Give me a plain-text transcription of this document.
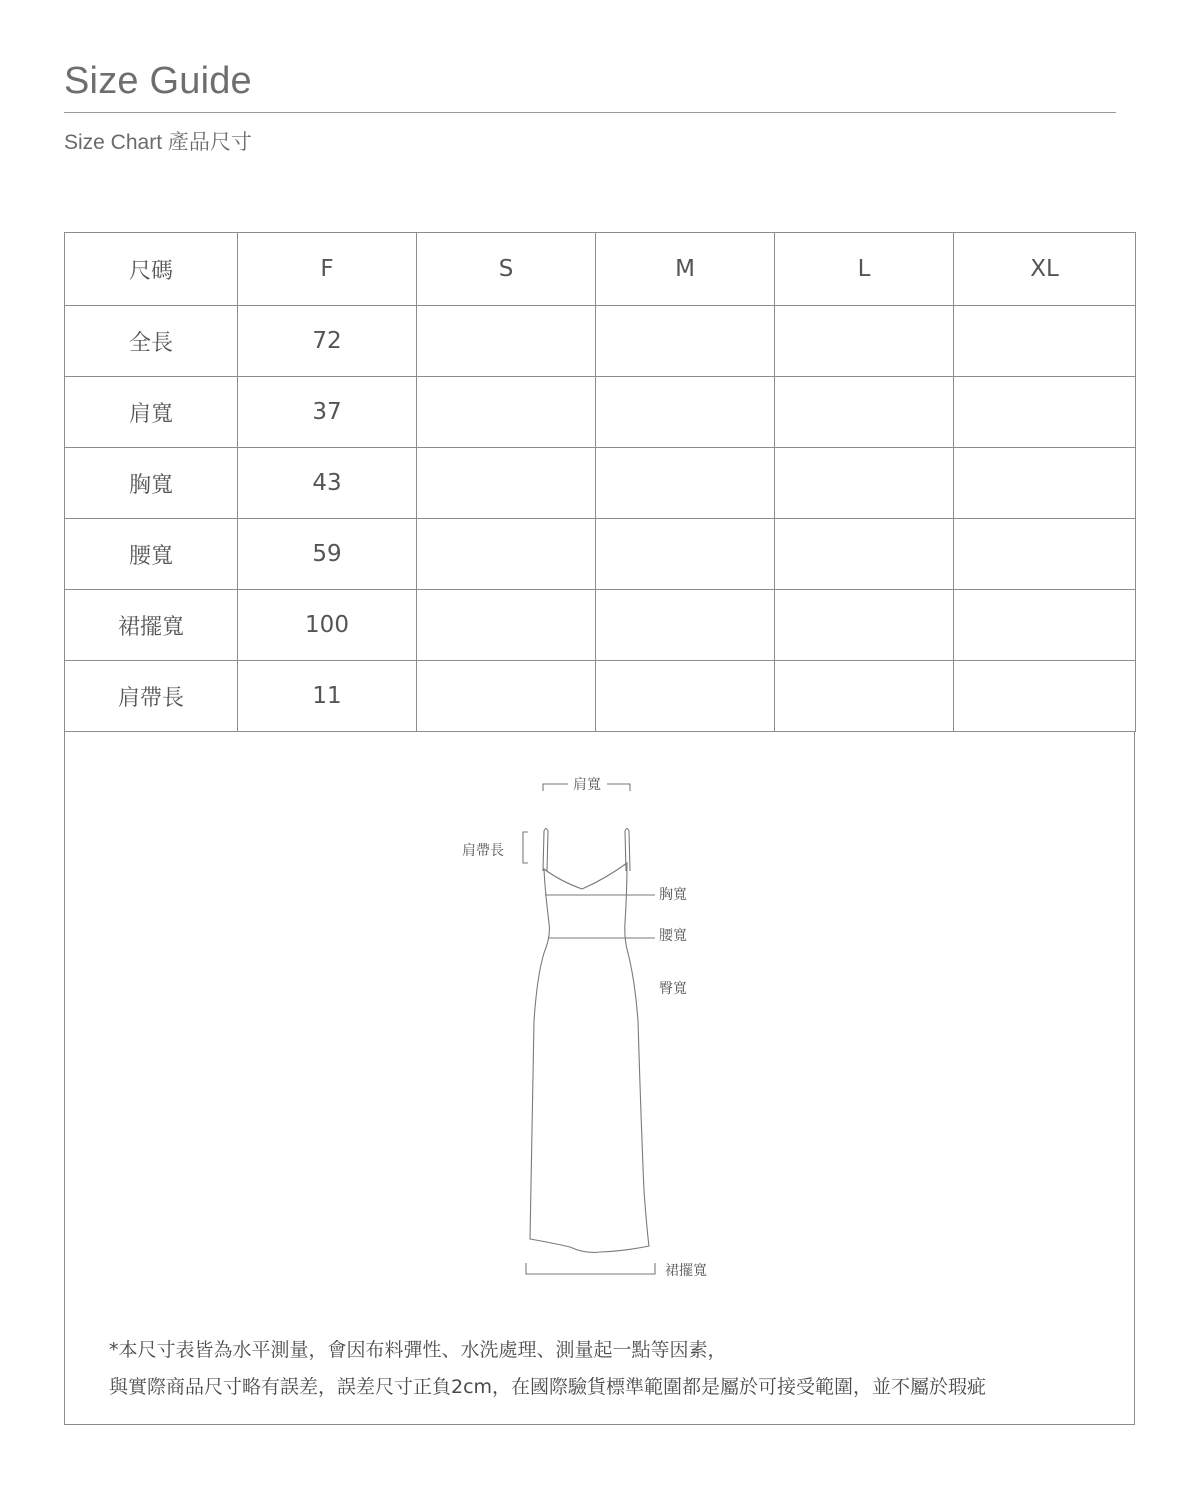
Size Guide
Size Chart 產品尺寸
尺碼	F	S	M	L	XL
全長	72				
肩寬	37				
胸寬	43				
腰寬	59				
裙擺寬	100				
肩帶長	11				
肩寬
肩帶長
胸寬
腰寬
臀寬
裙擺寬
*本尺寸表皆為水平測量，會因布料彈性、水洗處理、測量起一點等因素，
與實際商品尺寸略有誤差，誤差尺寸正負2cm，在國際驗貨標準範圍都是屬於可接受範圍，並不屬於瑕疵
